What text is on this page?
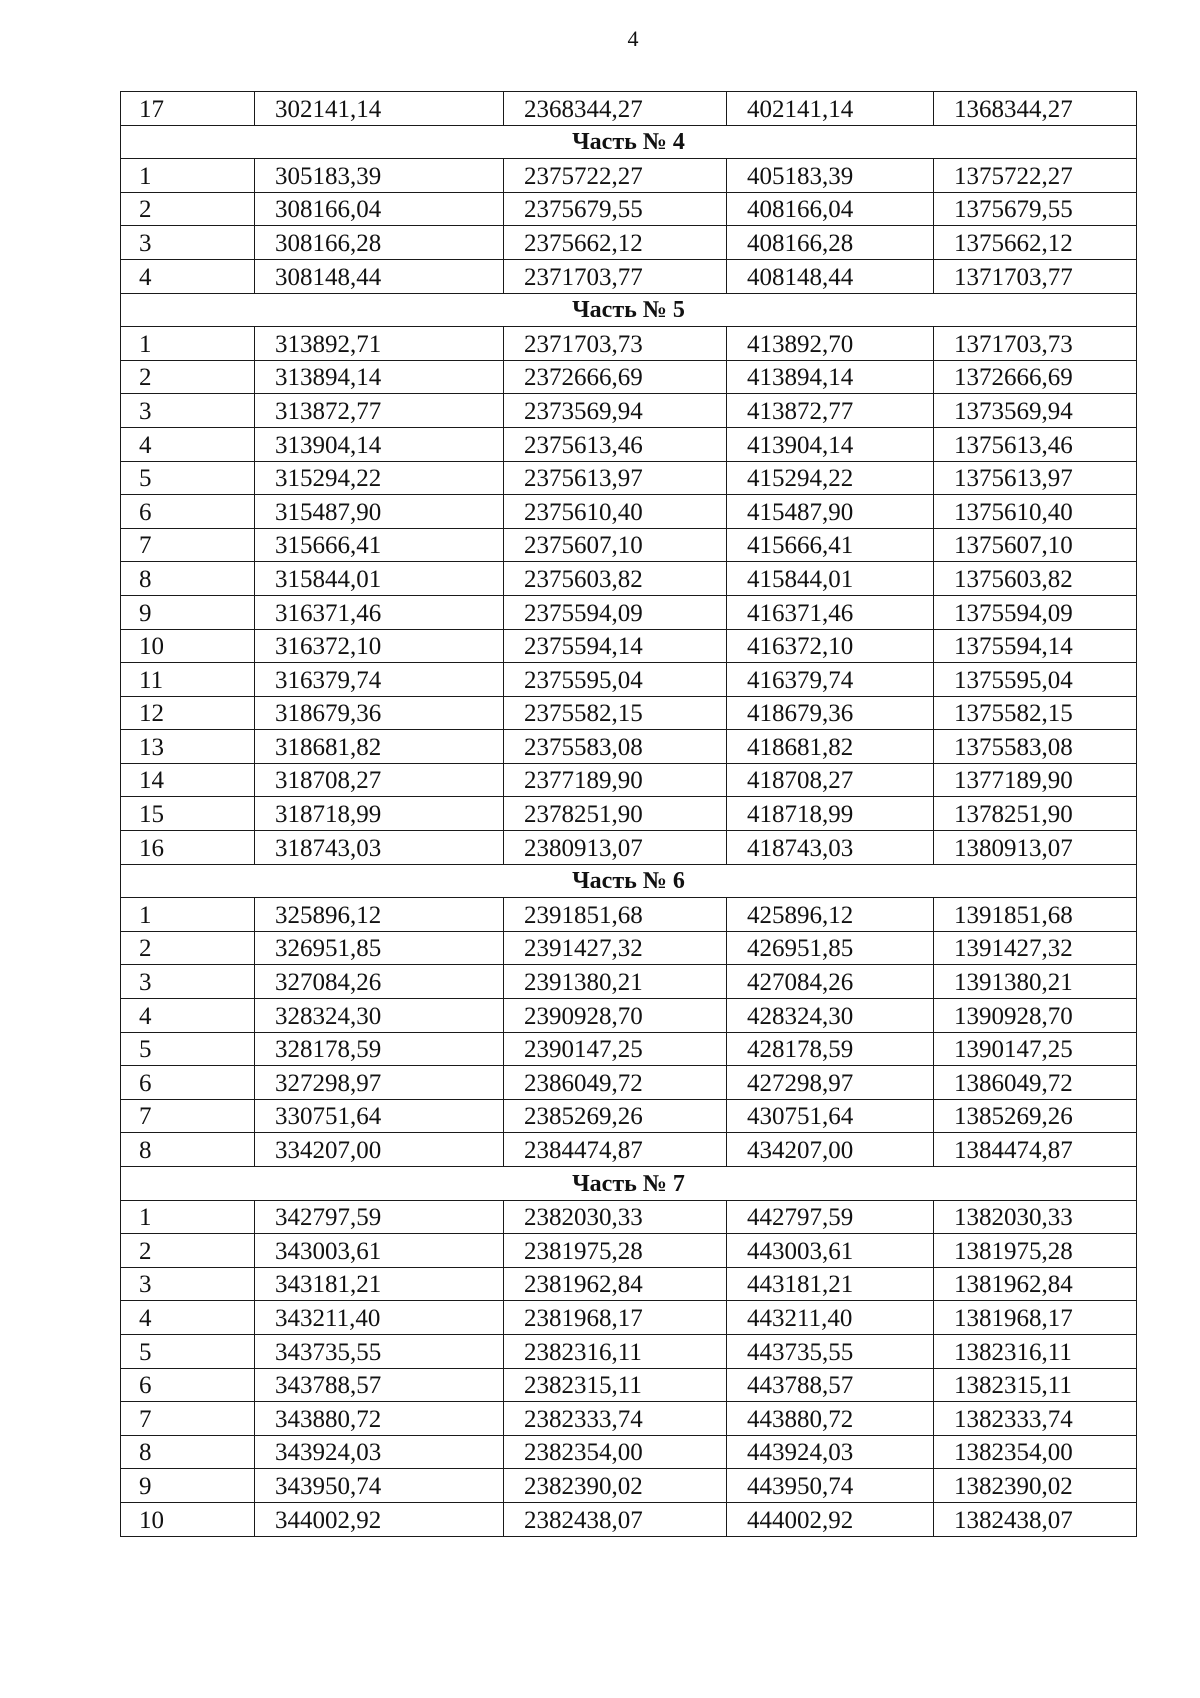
4
17	302141,14	2368344,27	402141,14	1368344,27
Часть № 4				
1	305183,39	2375722,27	405183,39	1375722,27
2	308166,04	2375679,55	408166,04	1375679,55
3	308166,28	2375662,12	408166,28	1375662,12
4	308148,44	2371703,77	408148,44	1371703,77
Часть № 5				
1	313892,71	2371703,73	413892,70	1371703,73
2	313894,14	2372666,69	413894,14	1372666,69
3	313872,77	2373569,94	413872,77	1373569,94
4	313904,14	2375613,46	413904,14	1375613,46
5	315294,22	2375613,97	415294,22	1375613,97
6	315487,90	2375610,40	415487,90	1375610,40
7	315666,41	2375607,10	415666,41	1375607,10
8	315844,01	2375603,82	415844,01	1375603,82
9	316371,46	2375594,09	416371,46	1375594,09
10	316372,10	2375594,14	416372,10	1375594,14
11	316379,74	2375595,04	416379,74	1375595,04
12	318679,36	2375582,15	418679,36	1375582,15
13	318681,82	2375583,08	418681,82	1375583,08
14	318708,27	2377189,90	418708,27	1377189,90
15	318718,99	2378251,90	418718,99	1378251,90
16	318743,03	2380913,07	418743,03	1380913,07
Часть № 6				
1	325896,12	2391851,68	425896,12	1391851,68
2	326951,85	2391427,32	426951,85	1391427,32
3	327084,26	2391380,21	427084,26	1391380,21
4	328324,30	2390928,70	428324,30	1390928,70
5	328178,59	2390147,25	428178,59	1390147,25
6	327298,97	2386049,72	427298,97	1386049,72
7	330751,64	2385269,26	430751,64	1385269,26
8	334207,00	2384474,87	434207,00	1384474,87
Часть № 7				
1	342797,59	2382030,33	442797,59	1382030,33
2	343003,61	2381975,28	443003,61	1381975,28
3	343181,21	2381962,84	443181,21	1381962,84
4	343211,40	2381968,17	443211,40	1381968,17
5	343735,55	2382316,11	443735,55	1382316,11
6	343788,57	2382315,11	443788,57	1382315,11
7	343880,72	2382333,74	443880,72	1382333,74
8	343924,03	2382354,00	443924,03	1382354,00
9	343950,74	2382390,02	443950,74	1382390,02
10	344002,92	2382438,07	444002,92	1382438,07
